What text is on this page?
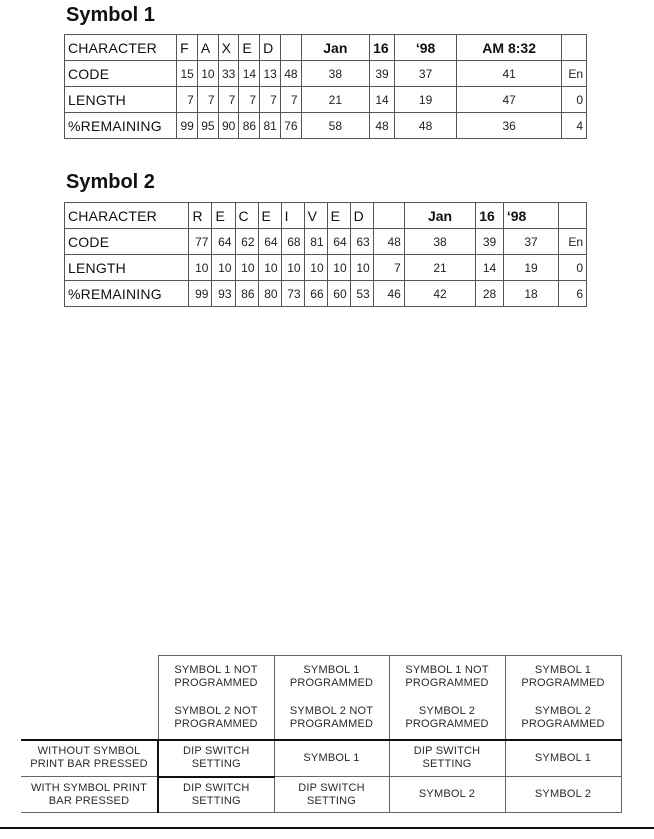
Symbol 1
CHARACTER	F	A	X	E	D		Jan	16	‘98	AM 8:32	
CODE	15	10	33	14	13	48	38	39	37	41	En
LENGTH	7	7	7	7	7	7	21	14	19	47	0
%REMAINING	99	95	90	86	81	76	58	48	48	36	4
Symbol 2
CHARACTER	R	E	C	E	I	V	E	D		Jan	16	‘98	
CODE	77	64	62	64	68	81	64	63	48	38	39	37	En
LENGTH	10	10	10	10	10	10	10	10	7	21	14	19	0
%REMAINING	99	93	86	80	73	66	60	53	46	42	28	18	6
	SYMBOL 1 NOT PROGRAMMED	SYMBOL 1 PROGRAMMED	SYMBOL 1 NOT PROGRAMMED	SYMBOL 1 PROGRAMMED
	SYMBOL 2 NOT PROGRAMMED	SYMBOL 2 NOT PROGRAMMED	SYMBOL 2 PROGRAMMED	SYMBOL 2 PROGRAMMED
WITHOUT SYMBOL PRINT BAR PRESSED	DIP SWITCH SETTING	SYMBOL 1	DIP SWITCH SETTING	SYMBOL 1
WITH SYMBOL PRINT BAR PRESSED	DIP SWITCH SETTING	DIP SWITCH SETTING	SYMBOL 2	SYMBOL 2
